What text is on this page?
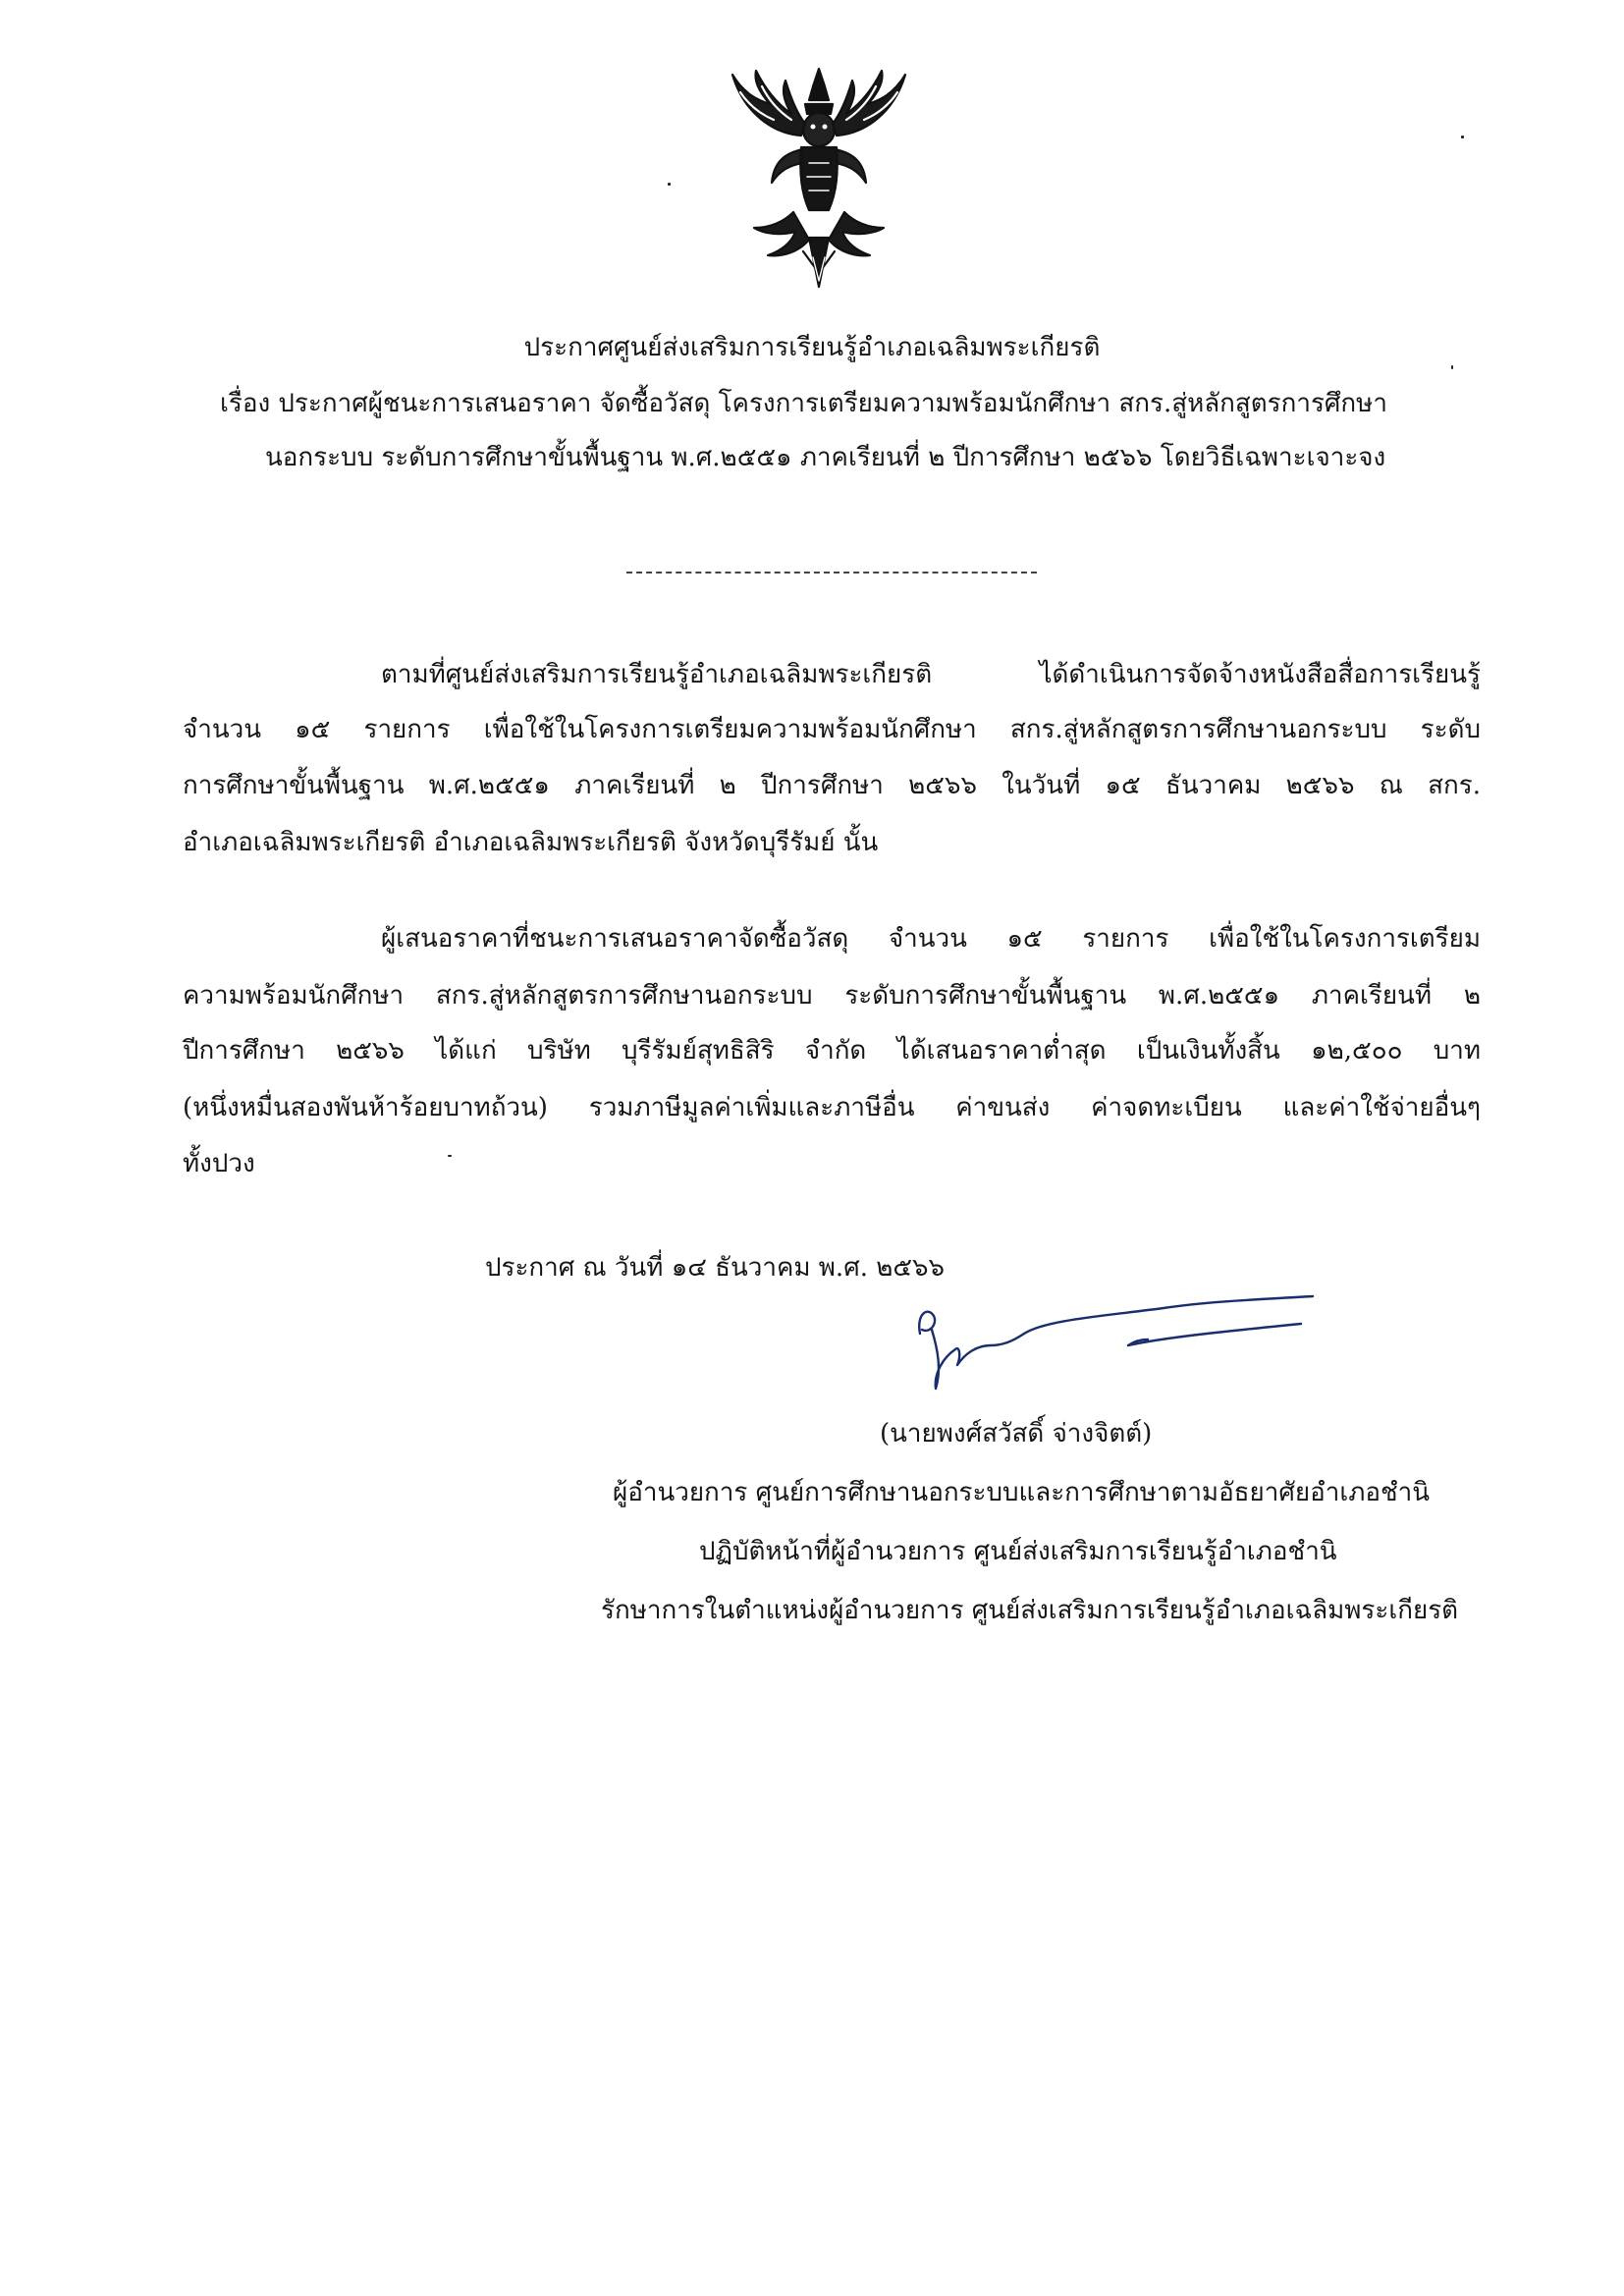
ประกาศศูนย์ส่งเสริมการเรียนรู้อำเภอเฉลิมพระเกียรติ
เรื่อง ประกาศผู้ชนะการเสนอราคา จัดซื้อวัสดุ โครงการเตรียมความพร้อมนักศึกษา สกร.สู่หลักสูตรการศึกษา
นอกระบบ ระดับการศึกษาขั้นพื้นฐาน พ.ศ.๒๕๕๑ ภาคเรียนที่ ๒ ปีการศึกษา ๒๕๖๖ โดยวิธีเฉพาะเจาะจง
ตามที่ศูนย์ส่งเสริมการเรียนรู้อำเภอเฉลิมพระเกียรติ ได้ดำเนินการจัดจ้างหนังสือสื่อการเรียนรู้
จำนวน ๑๕ รายการ เพื่อใช้ในโครงการเตรียมความพร้อมนักศึกษา สกร.สู่หลักสูตรการศึกษานอกระบบ ระดับ
การศึกษาขั้นพื้นฐาน พ.ศ.๒๕๕๑ ภาคเรียนที่ ๒ ปีการศึกษา ๒๕๖๖ ในวันที่ ๑๕ ธันวาคม ๒๕๖๖ ณ สกร.
อำเภอเฉลิมพระเกียรติ อำเภอเฉลิมพระเกียรติ จังหวัดบุรีรัมย์ นั้น
ผู้เสนอราคาที่ชนะการเสนอราคาจัดซื้อวัสดุ จำนวน ๑๕ รายการ เพื่อใช้ในโครงการเตรียม
ความพร้อมนักศึกษา สกร.สู่หลักสูตรการศึกษานอกระบบ ระดับการศึกษาขั้นพื้นฐาน พ.ศ.๒๕๕๑ ภาคเรียนที่ ๒
ปีการศึกษา ๒๕๖๖ ได้แก่ บริษัท บุรีรัมย์สุทธิสิริ จำกัด ได้เสนอราคาต่ำสุด เป็นเงินทั้งสิ้น ๑๒,๕๐๐ บาท
(หนึ่งหมื่นสองพันห้าร้อยบาทถ้วน) รวมภาษีมูลค่าเพิ่มและภาษีอื่น ค่าขนส่ง ค่าจดทะเบียน และค่าใช้จ่ายอื่นๆ
ทั้งปวง
ประกาศ ณ วันที่ ๑๔ ธันวาคม พ.ศ. ๒๕๖๖
(นายพงศ์สวัสดิ์ จ่างจิตต์)
ผู้อำนวยการ ศูนย์การศึกษานอกระบบและการศึกษาตามอัธยาศัยอำเภอชำนิ
ปฏิบัติหน้าที่ผู้อำนวยการ ศูนย์ส่งเสริมการเรียนรู้อำเภอชำนิ
รักษาการในตำแหน่งผู้อำนวยการ ศูนย์ส่งเสริมการเรียนรู้อำเภอเฉลิมพระเกียรติ
